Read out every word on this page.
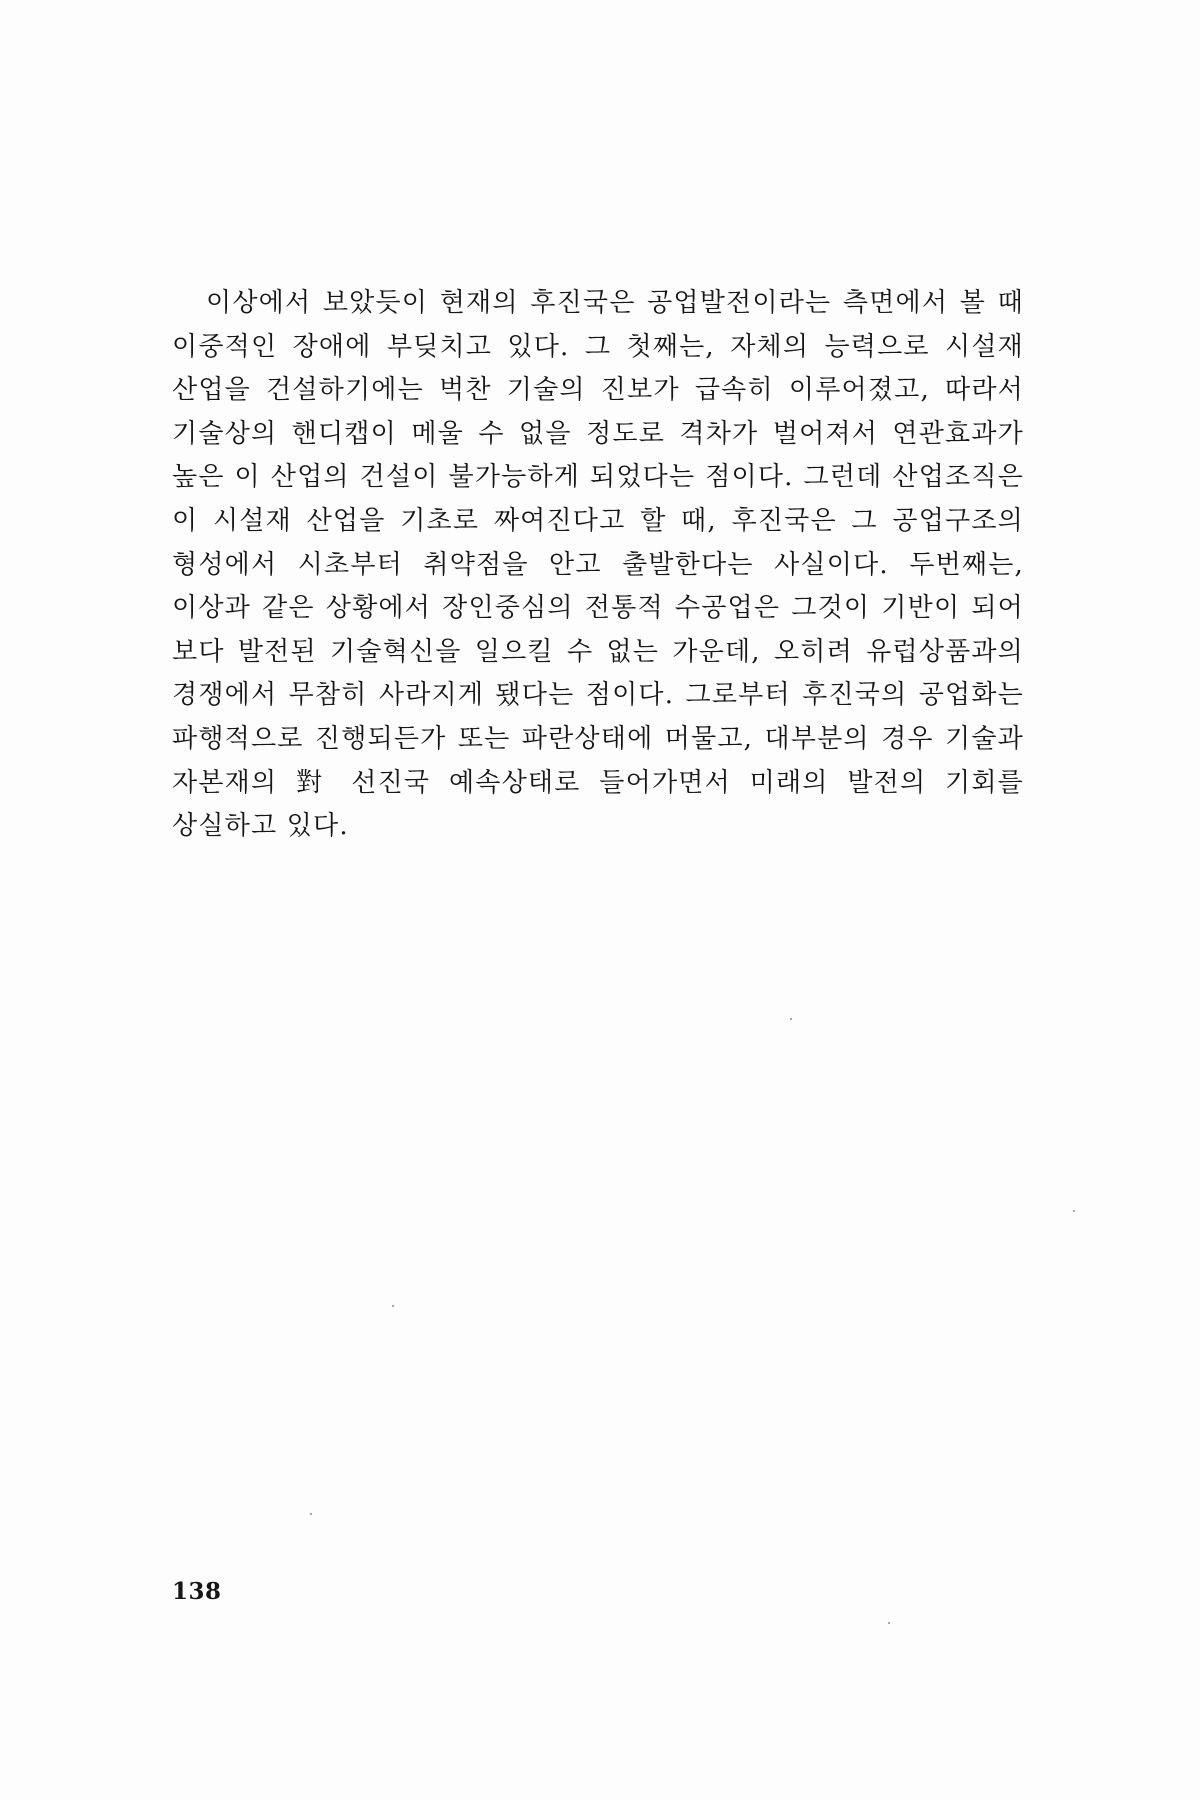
이상에서 보았듯이 현재의 후진국은 공업발전이라는 측면에서 볼 때 이중적인 장애에 부딪치고 있다. 그 첫째는, 자체의 능력으로 시설재 산업을 건설하기에는 벅찬 기술의 진보가 급속히 이루어졌고, 따라서 기술상의 핸디캡이 메울 수 없을 정도로 격차가 벌어져서 연관효과가 높은 이 산업의 건설이 불가능하게 되었다는 점이다. 그런데 산업조직은 이 시설재 산업을 기초로 짜여진다고 할 때, 후진국은 그 공업구조의 형성에서 시초부터 취약점을 안고 출발한다는 사실이다. 두번째는, 이상과 같은 상황에서 장인중심의 전통적 수공업은 그것이 기반이 되어 보다 발전된 기술혁신을 일으킬 수 없는 가운데, 오히려 유럽상품과의 경쟁에서 무참히 사라지게 됐다는 점이다. 그로부터 후진국의 공업화는 파행적으로 진행되든가 또는 파란상태에 머물고, 대부분의 경우 기술과 자본재의 對 선진국 예속상태로 들어가면서 미래의 발전의 기회를 상실하고 있다.

138
